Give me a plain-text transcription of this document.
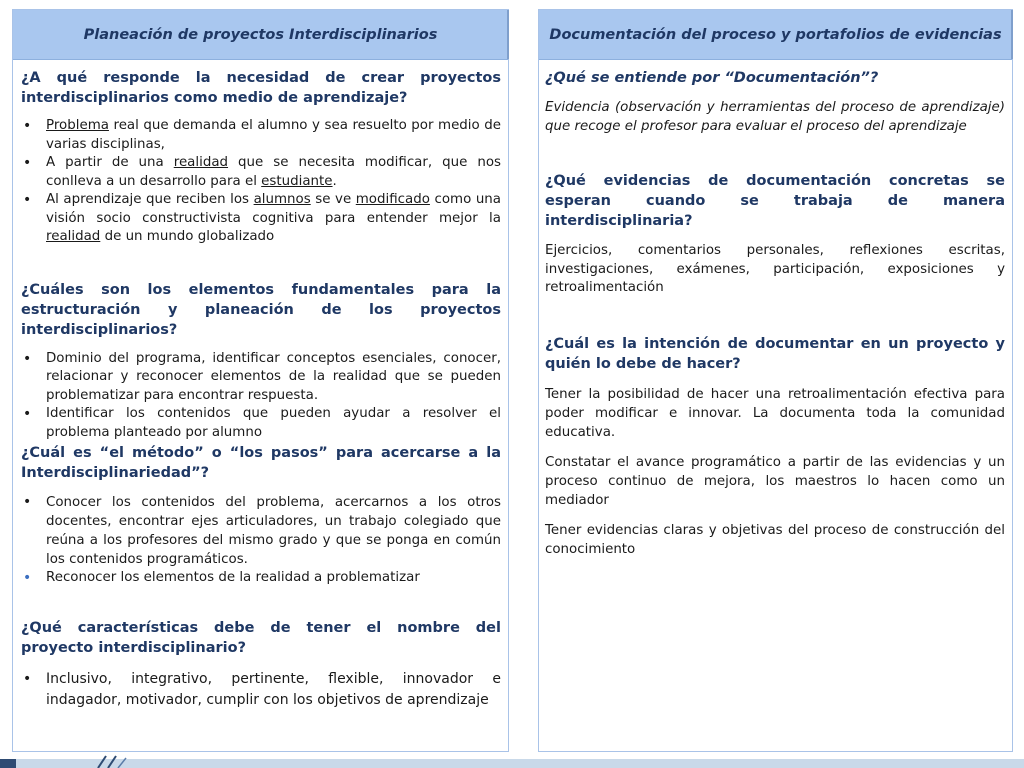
Planeación de proyectos Interdisciplinarios

¿A qué responde la necesidad de crear proyectos interdisciplinarios como medio de aprendizaje?

• Problema real que demanda el alumno y sea resuelto por medio de varias disciplinas,
• A partir de una realidad que se necesita modificar, que nos conlleva a un desarrollo para el estudiante.
• Al aprendizaje que reciben los alumnos se ve modificado como una visión socio constructivista cognitiva para entender mejor la realidad de un mundo globalizado

¿Cuáles son los elementos fundamentales para la estructuración y planeación de los proyectos interdisciplinarios?

• Dominio del programa, identificar conceptos esenciales, conocer, relacionar y reconocer elementos de la realidad que se pueden problematizar para encontrar respuesta.
• Identificar los contenidos que pueden ayudar a resolver el problema planteado por alumno

¿Cuál es “el método” o “los pasos” para acercarse a la Interdisciplinariedad”?

• Conocer los contenidos del problema, acercarnos a los otros docentes, encontrar ejes articuladores, un trabajo colegiado que reúna a los profesores del mismo grado y que se ponga en común los contenidos programáticos.
• Reconocer los elementos de la realidad a problematizar

¿Qué características debe de tener el nombre del proyecto interdisciplinario?

• Inclusivo, integrativo, pertinente, flexible, innovador e indagador, motivador, cumplir con los objetivos de aprendizaje
Documentación del proceso y portafolios de evidencias

¿Qué se entiende por “Documentación”?

Evidencia (observación y herramientas del proceso de aprendizaje) que recoge el profesor para evaluar el proceso del aprendizaje

¿Qué evidencias de documentación concretas se esperan cuando se trabaja de manera interdisciplinaria?

Ejercicios, comentarios personales, reflexiones escritas, investigaciones, exámenes, participación, exposiciones y retroalimentación

¿Cuál es la intención de documentar en un proyecto y quién lo debe de hacer?

Tener la posibilidad de hacer una retroalimentación efectiva para poder modificar e innovar. La documenta toda la comunidad educativa.

Constatar el avance programático a partir de las evidencias y un proceso continuo de mejora, los maestros lo hacen como un mediador

Tener evidencias claras y objetivas del proceso de construcción del conocimiento
